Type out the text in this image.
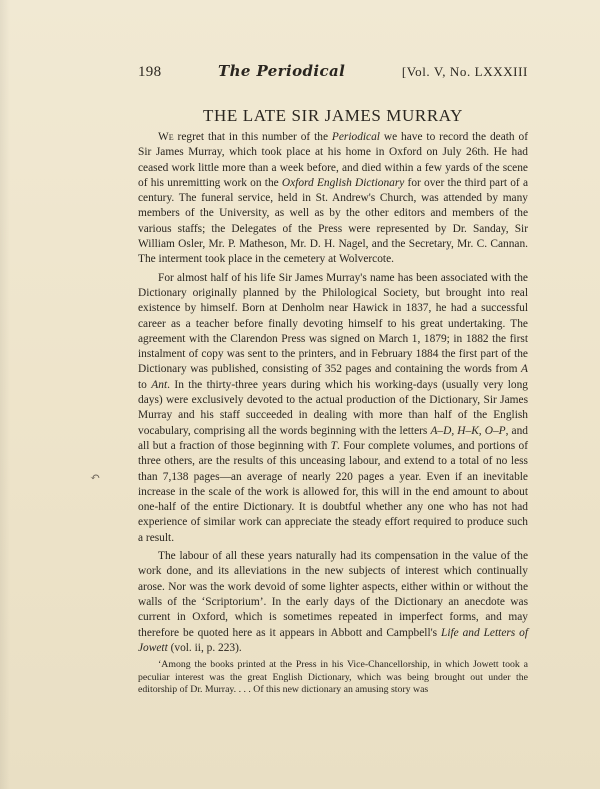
198	The Periodical	[Vol. V, No. LXXXIII
THE LATE SIR JAMES MURRAY
↶

We regret that in this number of the Periodical we have to record the death of Sir James Murray, which took place at his home in Oxford on July 26th. He had ceased work little more than a week before, and died within a few yards of the scene of his unremitting work on the Oxford English Dictionary for over the third part of a century. The funeral service, held in St. Andrew's Church, was attended by many members of the University, as well as by the other editors and members of the various staffs; the Delegates of the Press were represented by Dr. Sanday, Sir William Osler, Mr. P. Matheson, Mr. D. H. Nagel, and the Secretary, Mr. C. Cannan. The interment took place in the cemetery at Wolvercote.

For almost half of his life Sir James Murray's name has been associated with the Dictionary originally planned by the Philological Society, but brought into real existence by himself. Born at Denholm near Hawick in 1837, he had a successful career as a teacher before finally devoting himself to his great undertaking. The agreement with the Clarendon Press was signed on March 1, 1879; in 1882 the first instalment of copy was sent to the printers, and in February 1884 the first part of the Dictionary was published, consisting of 352 pages and containing the words from A to Ant. In the thirty-three years during which his working-days (usually very long days) were exclusively devoted to the actual production of the Dictionary, Sir James Murray and his staff succeeded in dealing with more than half of the English vocabulary, comprising all the words beginning with the letters A–D, H–K, O–P, and all but a fraction of those beginning with T. Four complete volumes, and portions of three others, are the results of this unceasing labour, and extend to a total of no less than 7,138 pages—an average of nearly 220 pages a year. Even if an inevitable increase in the scale of the work is allowed for, this will in the end amount to about one-half of the entire Dictionary. It is doubtful whether any one who has not had experience of similar work can appreciate the steady effort required to produce such a result.

The labour of all these years naturally had its compensation in the value of the work done, and its alleviations in the new subjects of interest which continually arose. Nor was the work devoid of some lighter aspects, either within or without the walls of the ‘Scriptorium’. In the early days of the Dictionary an anecdote was current in Oxford, which is sometimes repeated in imperfect forms, and may therefore be quoted here as it appears in Abbott and Campbell's Life and Letters of Jowett (vol. ii, p. 223).

‘Among the books printed at the Press in his Vice-Chancellorship, in which Jowett took a peculiar interest was the great English Dictionary, which was being brought out under the editorship of Dr. Murray. . . . Of this new dictionary an amusing story was
